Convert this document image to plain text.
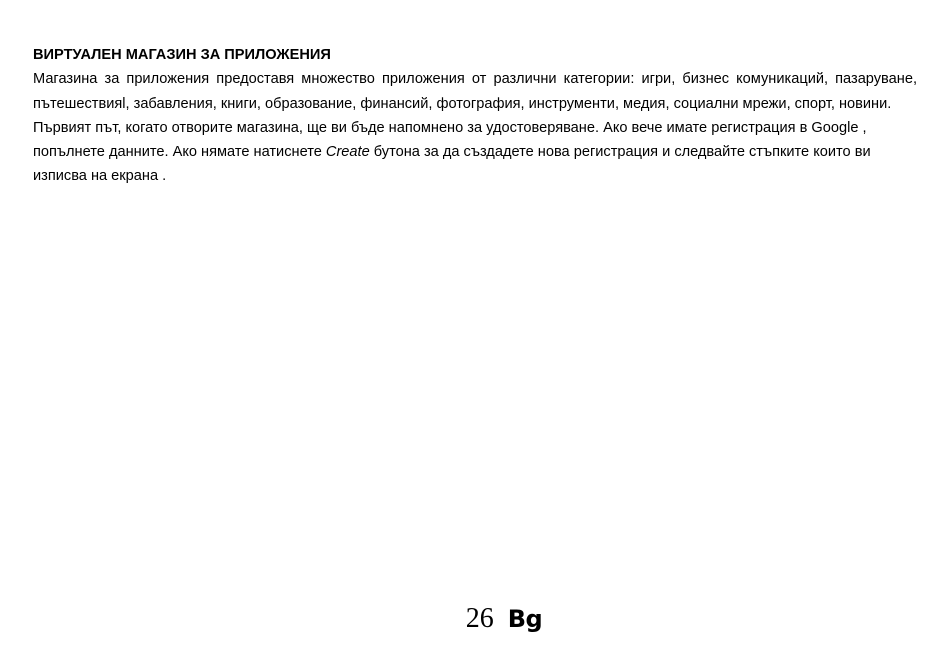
ВИРТУАЛЕН МАГАЗИН ЗА ПРИЛОЖЕНИЯ

Магазина за приложения предоставя множество приложения от различни категории: игри, бизнес комуникаций, пазаруване, пътешествияl, забавления, книги, образование, финансий, фотография, инструменти, медия, социални мрежи, спорт, новини.

Първият път, когато отворите магазина, ще ви бъде напомнено за удостоверяване. Ако вече имате регистрация в Google , попълнете данните. Ако нямате натиснете Create бутона за да създадете нова регистрация и следвайте стъпките които ви изписва на екрана .

26 Bg
